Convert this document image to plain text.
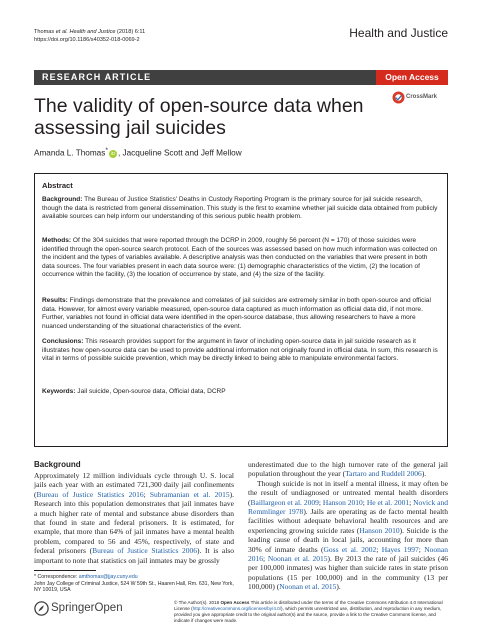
Thomas et al. Health and Justice (2018) 6:11
https://doi.org/10.1186/s40352-018-0069-2	Health and Justice
RESEARCH ARTICLE	Open Access
The validity of open-source data when assessing jail suicides
CrossMark
Amanda L. Thomas* iD , Jacqueline Scott and Jeff Mellow
Abstract
Background: The Bureau of Justice Statistics' Deaths in Custody Reporting Program is the primary source for jail suicide research, though the data is restricted from general dissemination. This study is the first to examine whether jail suicide data obtained from publicly available sources can help inform our understanding of this serious public health problem.
Methods: Of the 304 suicides that were reported through the DCRP in 2009, roughly 56 percent (N = 170) of those suicides were identified through the open-source search protocol. Each of the sources was assessed based on how much information was collected on the incident and the types of variables available. A descriptive analysis was then conducted on the variables that were present in both data sources. The four variables present in each data source were: (1) demographic characteristics of the victim, (2) the location of occurrence within the facility, (3) the location of occurrence by state, and (4) the size of the facility.
Results: Findings demonstrate that the prevalence and correlates of jail suicides are extremely similar in both open-source and official data. However, for almost every variable measured, open-source data captured as much information as official data did, if not more. Further, variables not found in official data were identified in the open-source database, thus allowing researchers to have a more nuanced understanding of the situational characteristics of the event.
Conclusions: This research provides support for the argument in favor of including open-source data in jail suicide research as it illustrates how open-source data can be used to provide additional information not originally found in official data. In sum, this research is vital in terms of possible suicide prevention, which may be directly linked to being able to manipulate environmental factors.
Keywords: Jail suicide, Open-source data, Official data, DCRP
Background

Approximately 12 million individuals cycle through U. S. local jails each year with an estimated 721,300 daily jail confinements (Bureau of Justice Statistics 2016; Subramanian et al. 2015). Research into this population demonstrates that jail inmates have a much higher rate of mental and substance abuse disorders than that found in state and federal prisoners. It is estimated, for example, that more than 64% of jail inmates have a mental health problem, compared to 56 and 45%, respectively, of state and federal prisoners (Bureau of Justice Statistics 2006). It is also important to note that statistics on jail inmates may be grossly

underestimated due to the high turnover rate of the general jail population throughout the year (Tartaro and Ruddell 2006).

Though suicide is not in itself a mental illness, it may often be the result of undiagnosed or untreated mental health disorders (Baillargeon et al. 2009; Hanson 2010; He et al. 2001; Novick and Remmlinger 1978). Jails are operating as de facto mental health facilities without adequate behavioral health resources and are experiencing growing suicide rates (Hanson 2010). Suicide is the leading cause of death in local jails, accounting for more than 30% of inmate deaths (Goss et al. 2002; Hayes 1997; Noonan 2016; Noonan et al. 2015). By 2013 the rate of jail suicides (46 per 100,000 inmates) was higher than suicide rates in state prison populations (15 per 100,000) and in the community (13 per 100,000) (Noonan et al. 2015).

* Correspondence: amthomas@jjay.cuny.edu
John Jay College of Criminal Justice, 524 W 59th St., Haaren Hall, Rm. 631, New York, NY 10019, USA
SpringerOpen	© The Author(s). 2018 Open Access This article is distributed under the terms of the Creative Commons Attribution 4.0 International License (http://creativecommons.org/licenses/by/4.0/), which permits unrestricted use, distribution, and reproduction in any medium, provided you give appropriate credit to the original author(s) and the source, provide a link to the Creative Commons license, and indicate if changes were made.
